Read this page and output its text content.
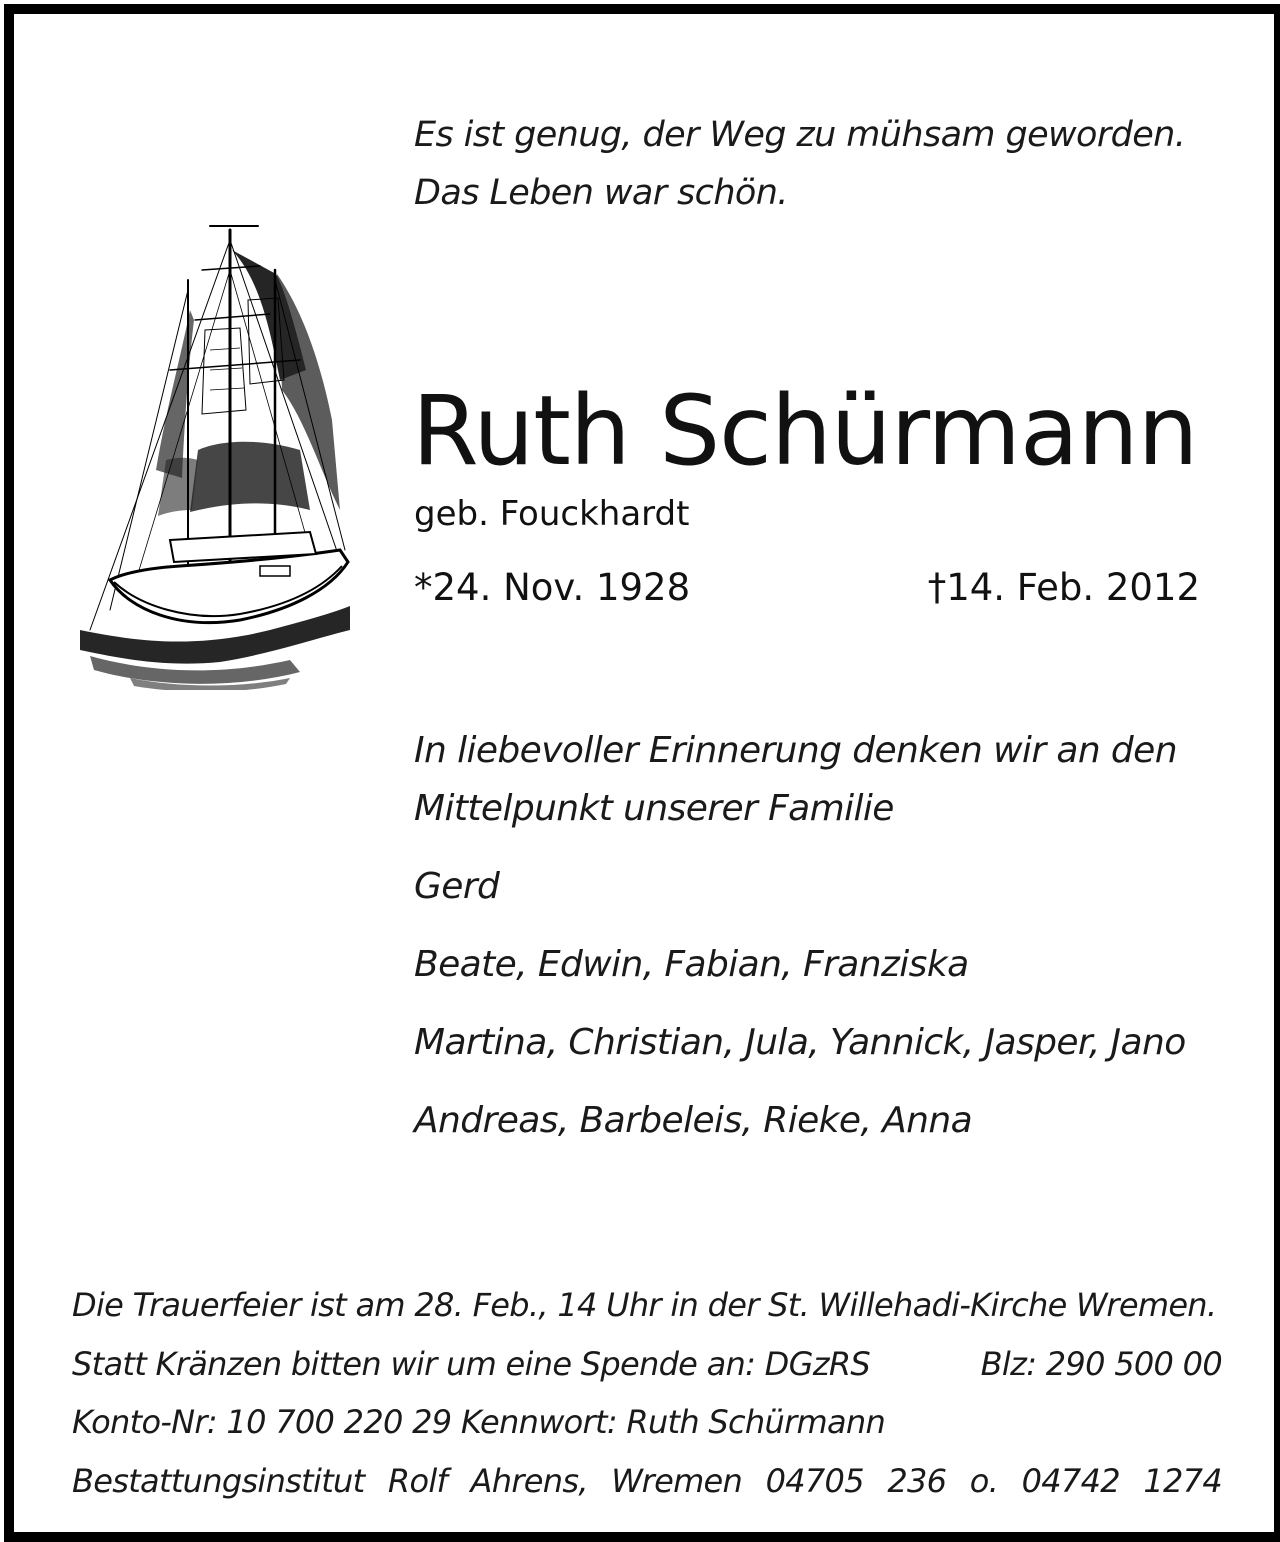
Es ist genug, der Weg zu mühsam geworden.
Das Leben war schön.
Ruth Schürmann
geb. Fouckhardt
*24. Nov. 1928	†14. Feb. 2012
In liebevoller Erinnerung denken wir an den
Mittelpunkt unserer Familie
Gerd
Beate, Edwin, Fabian, Franziska
Martina, Christian, Jula, Yannick, Jasper, Jano
Andreas, Barbeleis, Rieke, Anna
Die Trauerfeier ist am 28. Feb., 14 Uhr in der St. Willehadi-Kirche Wremen.
Statt Kränzen bitten wir um eine Spende an: DGzRS	Blz: 290 500 00
Konto-Nr: 10 700 220 29 Kennwort: Ruth Schürmann
Bestattungsinstitut Rolf Ahrens, Wremen 04705 236 o. 04742 1274
